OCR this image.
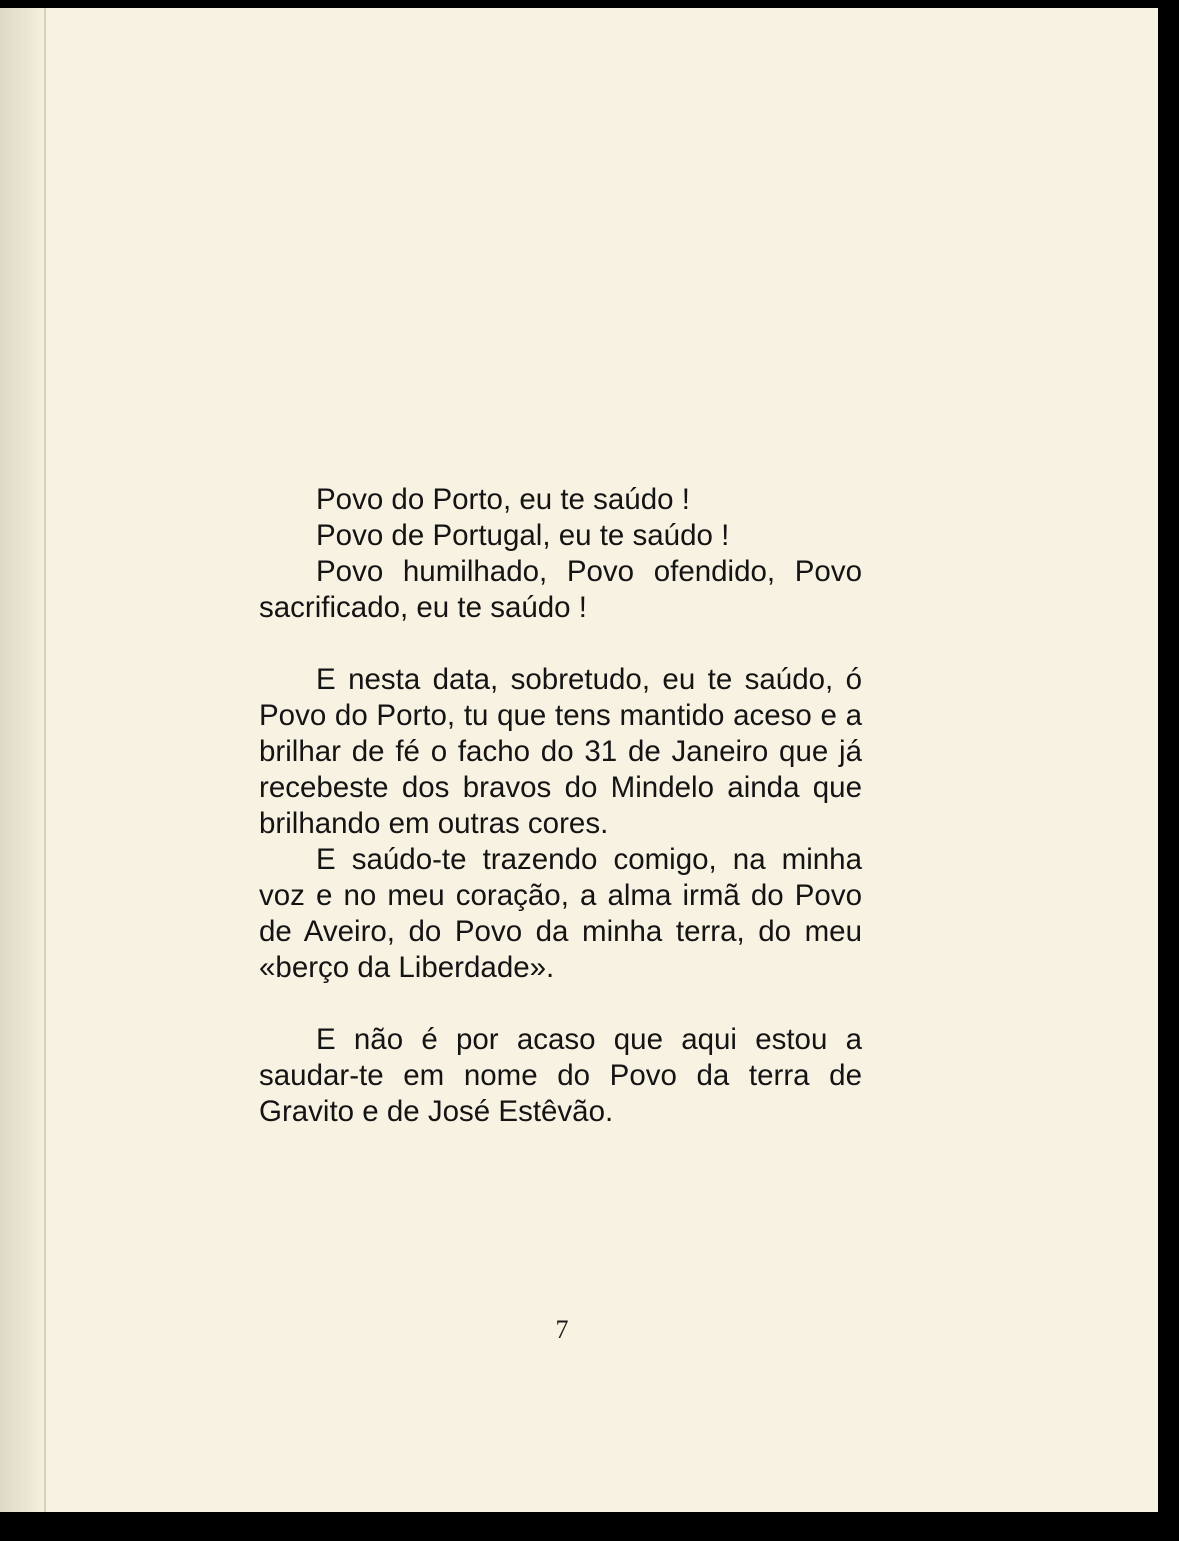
Povo do Porto, eu te saúdo !

Povo de Portugal, eu te saúdo !

Povo humilhado, Povo ofendido, Povo sacrificado, eu te saúdo !

E nesta data, sobretudo, eu te saúdo, ó Povo do Porto, tu que tens mantido aceso e a brilhar de fé o facho do 31 de Janeiro que já recebeste dos bravos do Mindelo ainda que brilhando em outras cores.

E saúdo-te trazendo comigo, na minha voz e no meu coração, a alma irmã do Povo de Aveiro, do Povo da minha terra, do meu «berço da Liberdade».

E não é por acaso que aqui estou a saudar-te em nome do Povo da terra de Gravito e de José Estêvão.

7
